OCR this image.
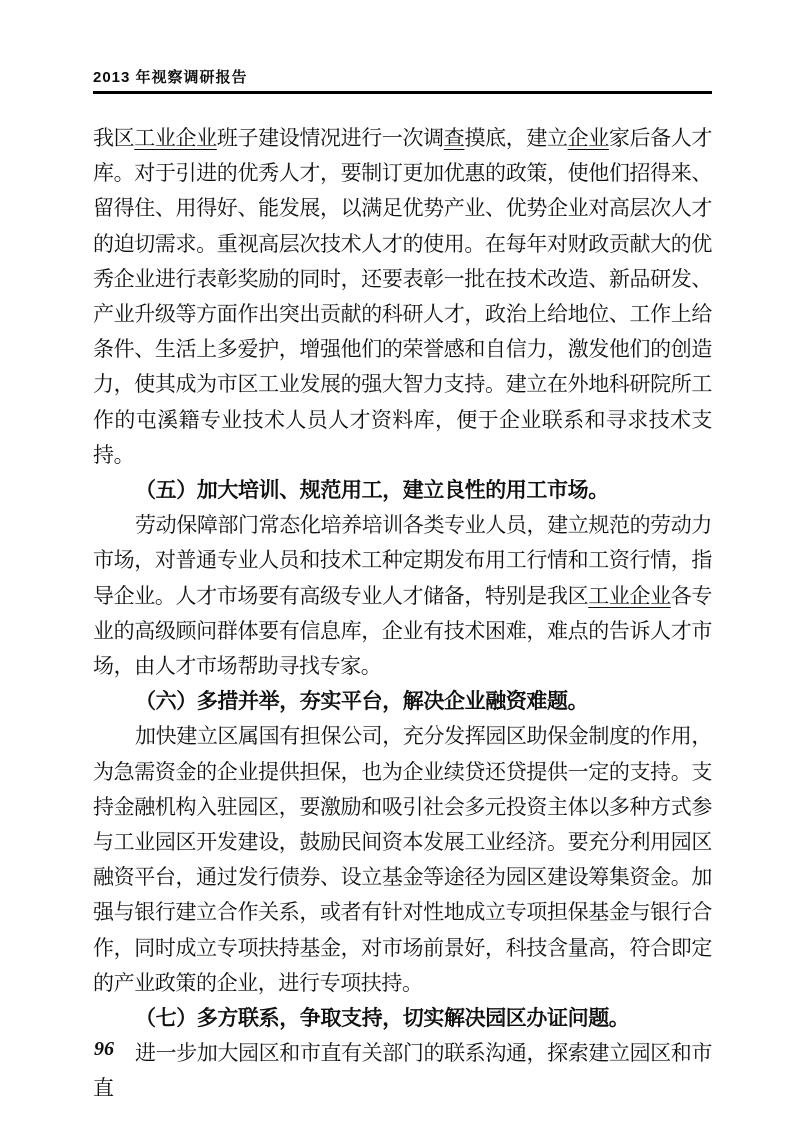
2013 年视察调研报告

我区工业企业班子建设情况进行一次调查摸底，建立企业家后备人才库。对于引进的优秀人才，要制订更加优惠的政策，使他们招得来、留得住、用得好、能发展，以满足优势产业、优势企业对高层次人才的迫切需求。重视高层次技术人才的使用。在每年对财政贡献大的优秀企业进行表彰奖励的同时，还要表彰一批在技术改造、新品研发、产业升级等方面作出突出贡献的科研人才，政治上给地位、工作上给条件、生活上多爱护，增强他们的荣誉感和自信力，激发他们的创造力，使其成为市区工业发展的强大智力支持。建立在外地科研院所工作的屯溪籍专业技术人员人才资料库，便于企业联系和寻求技术支持。

（五）加大培训、规范用工，建立良性的用工市场。

劳动保障部门常态化培养培训各类专业人员，建立规范的劳动力市场，对普通专业人员和技术工种定期发布用工行情和工资行情，指导企业。人才市场要有高级专业人才储备，特别是我区工业企业各专业的高级顾问群体要有信息库，企业有技术困难，难点的告诉人才市场，由人才市场帮助寻找专家。

（六）多措并举，夯实平台，解决企业融资难题。

加快建立区属国有担保公司，充分发挥园区助保金制度的作用，为急需资金的企业提供担保，也为企业续贷还贷提供一定的支持。支持金融机构入驻园区，要激励和吸引社会多元投资主体以多种方式参与工业园区开发建设，鼓励民间资本发展工业经济。要充分利用园区融资平台，通过发行债券、设立基金等途径为园区建设筹集资金。加强与银行建立合作关系，或者有针对性地成立专项担保基金与银行合作，同时成立专项扶持基金，对市场前景好，科技含量高，符合即定的产业政策的企业，进行专项扶持。

（七）多方联系，争取支持，切实解决园区办证问题。

进一步加大园区和市直有关部门的联系沟通，探索建立园区和市直

96
